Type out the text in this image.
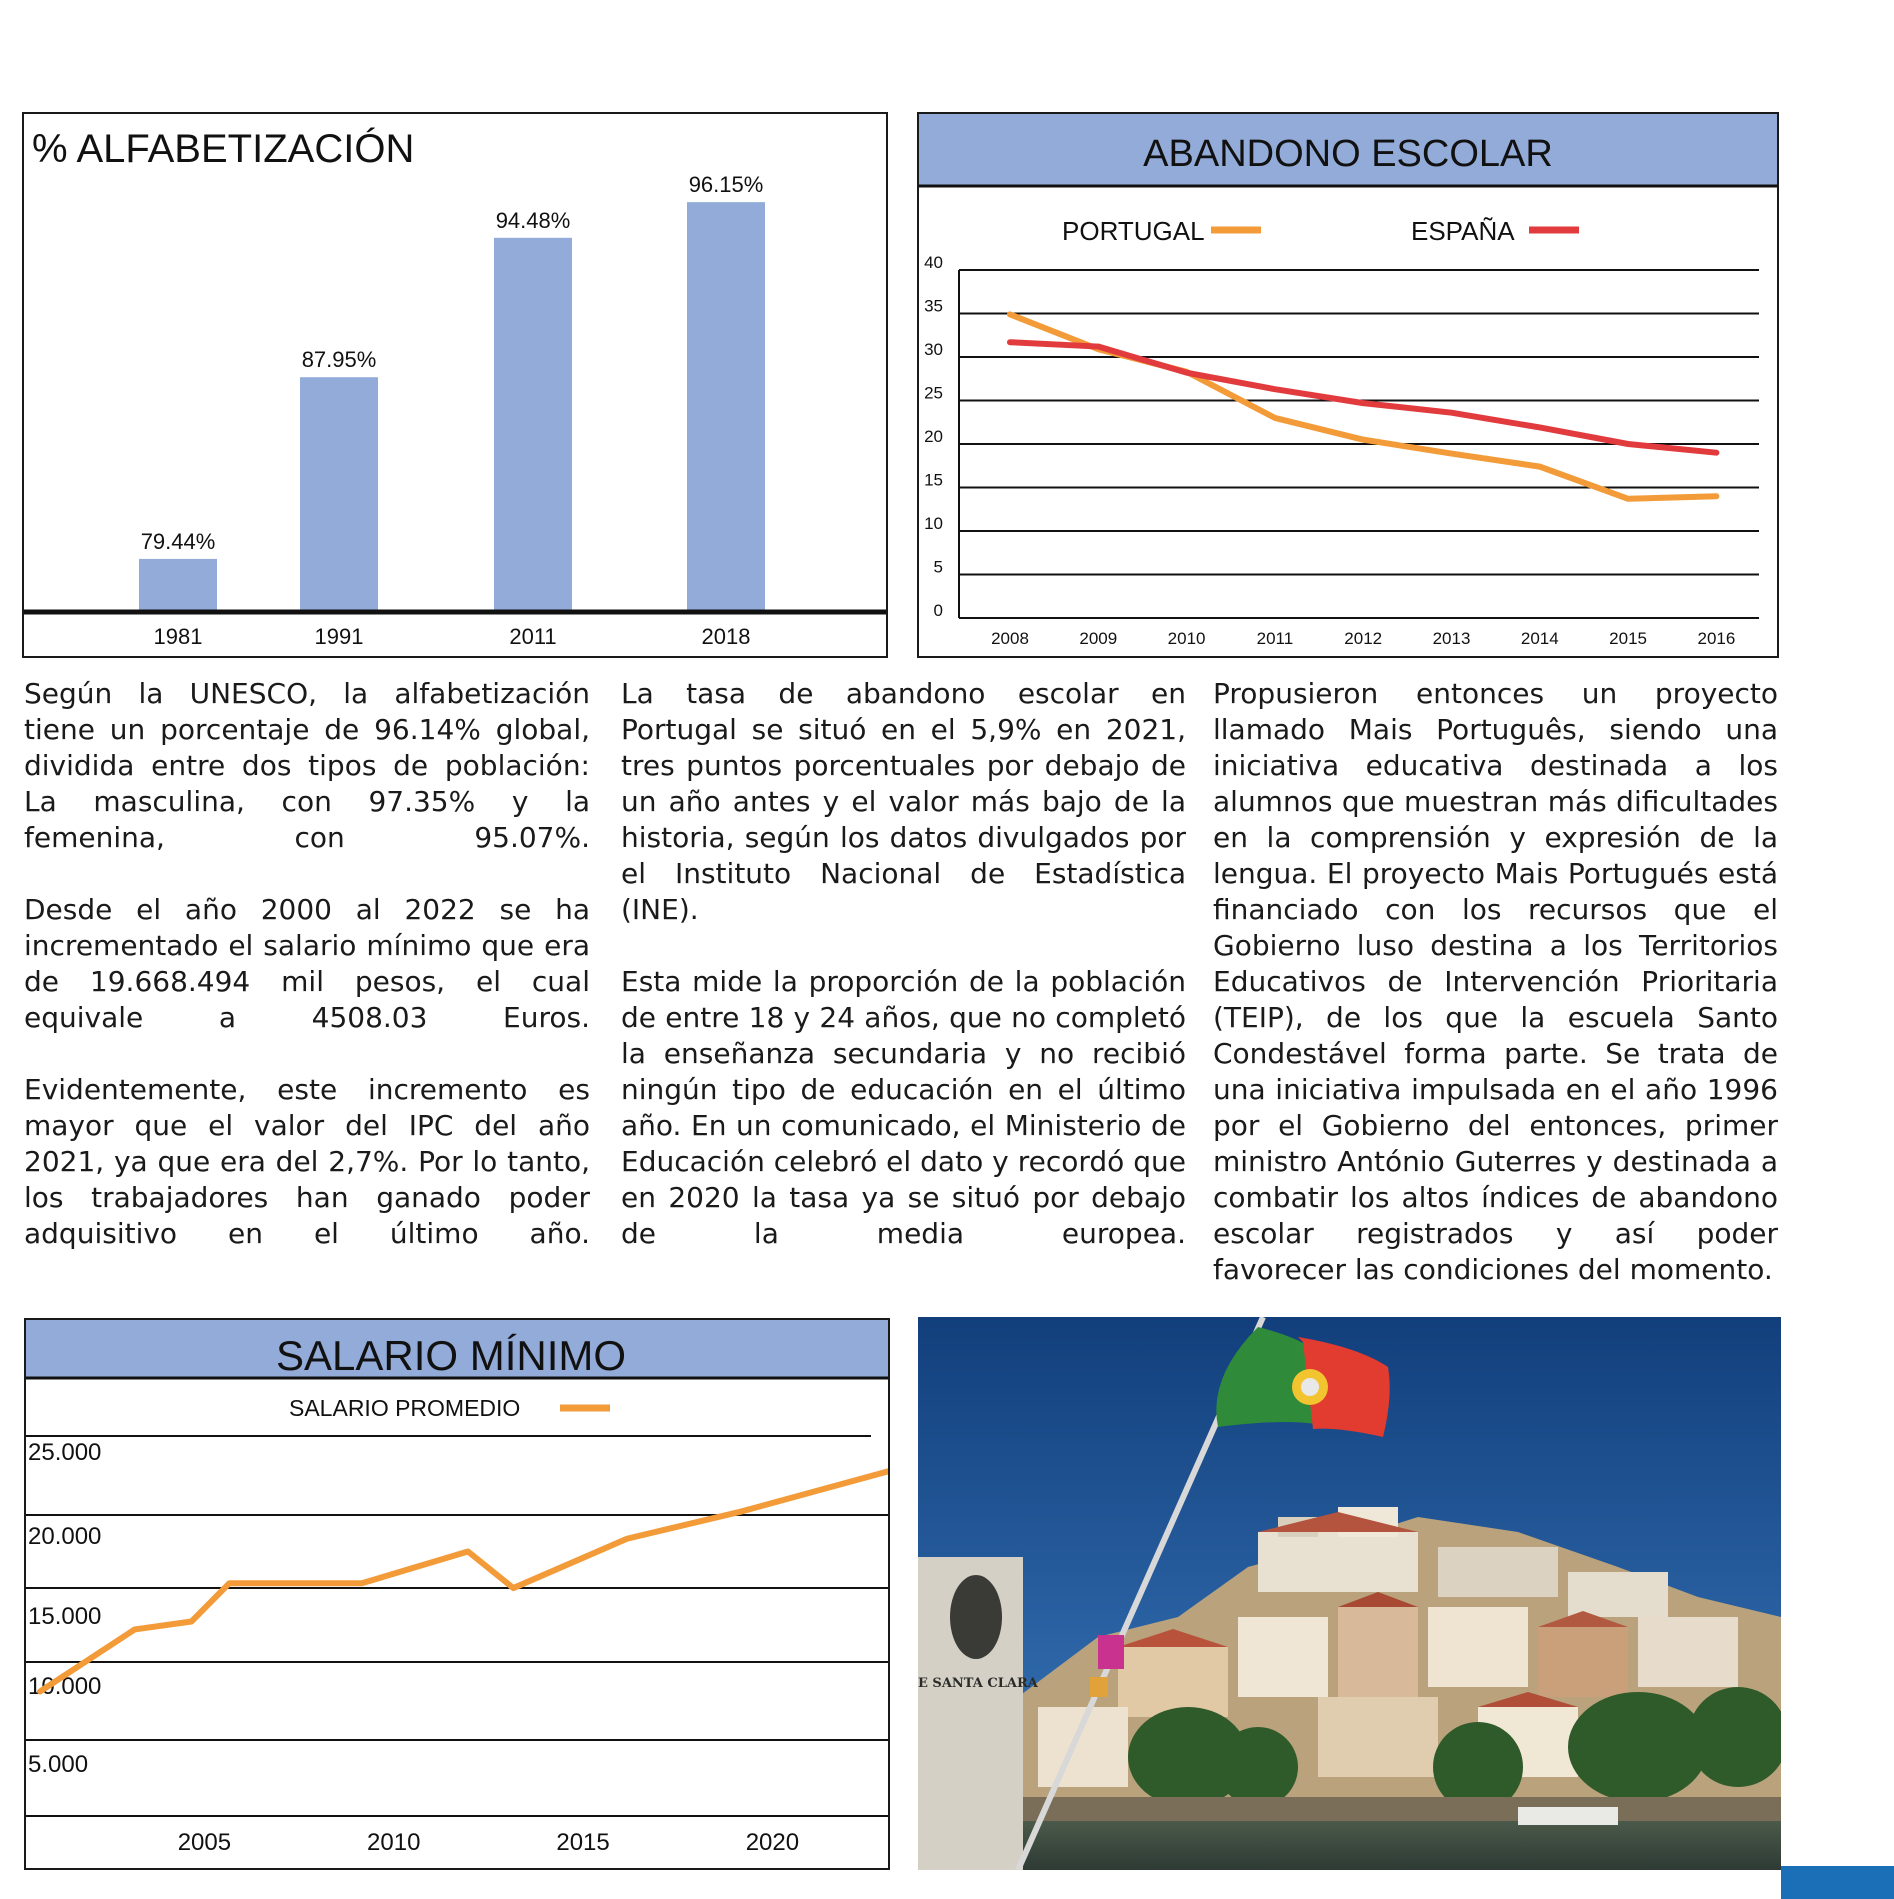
% ALFABETIZACIÓN
79.44%
87.95%
94.48%
96.15%
1981	1991	2011	2018
ABANDONO ESCOLAR
PORTUGAL	ESPAÑA
0
5
10
15
20
25
30
35
40
2008	2009	2010	2011	2012	2013	2014	2015	2016

Según la UNESCO, la alfabetización tiene un porcentaje de 96.14% global, dividida entre dos tipos de población: La masculina, con 97.35% y la femenina, con 95.07%.

Desde el año 2000 al 2022 se ha incrementado el salario mínimo que era de 19.668.494 mil pesos, el cual equivale a 4508.03 Euros.

Evidentemente, este incremento es mayor que el valor del IPC del año 2021, ya que era del 2,7%. Por lo tanto, los trabajadores han ganado poder adquisitivo en el último año.

La tasa de abandono escolar en Portugal se situó en el 5,9% en 2021, tres puntos porcentuales por debajo de un año antes y el valor más bajo de la historia, según los datos divulgados por el Instituto Nacional de Estadística (INE).

Esta mide la proporción de la población de entre 18 y 24 años, que no completó la enseñanza secundaria y no recibió ningún tipo de educación en el último año. En un comunicado, el Ministerio de Educación celebró el dato y recordó que en 2020 la tasa ya se situó por debajo de la media europea.

Propusieron entonces un proyecto llamado Mais Português, siendo una iniciativa educativa destinada a los alumnos que muestran más dificultades en la comprensión y expresión de la lengua. El proyecto Mais Portugués está financiado con los recursos que el Gobierno luso destina a los Territorios Educativos de Intervención Prioritaria (TEIP), de los que la escuela Santo Condestável forma parte. Se trata de una iniciativa impulsada en el año 1996 por el Gobierno del entonces, primer ministro António Guterres y destinada a combatir los altos índices de abandono escolar registrados y así poder favorecer las condiciones del momento.

SALARIO MÍNIMO
SALARIO PROMEDIO
25.000
20.000
15.000
10.000
5.000
2005	2010	2015	2020
E SANTA CLARA
